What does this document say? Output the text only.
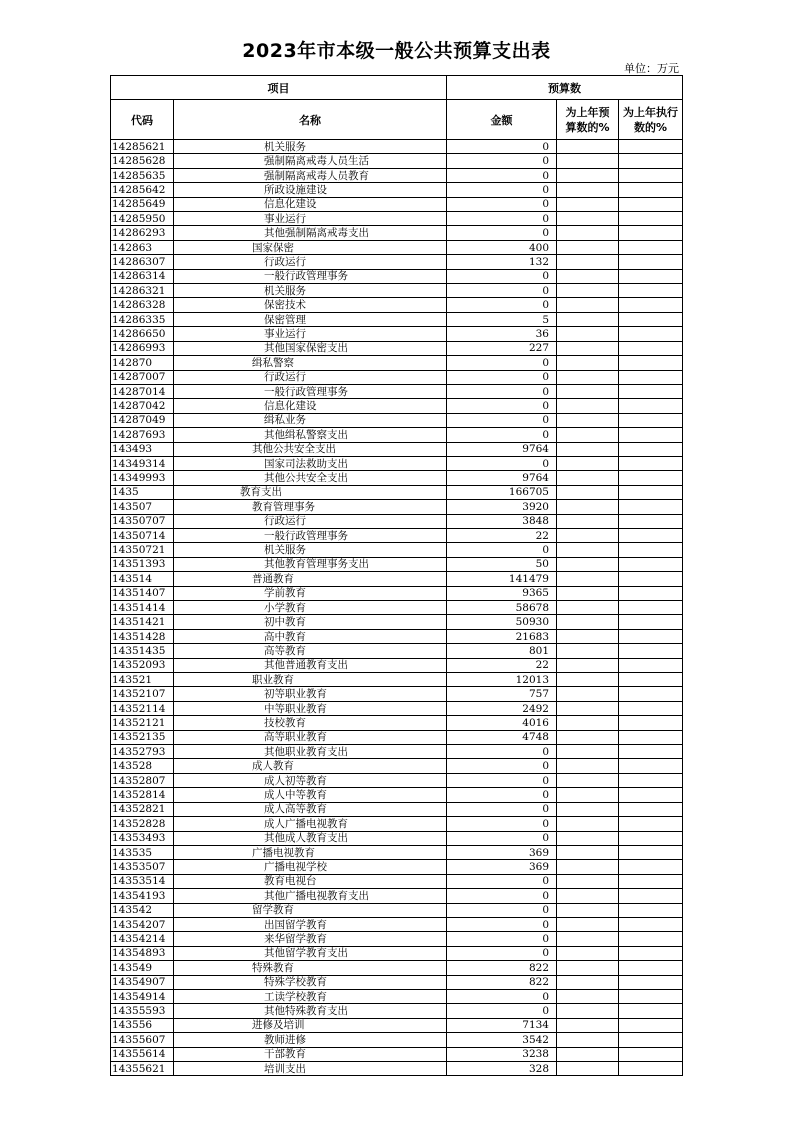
2023年市本级一般公共预算支出表
单位：万元
项目		预算数		
代码	名称	金额	为上年预算数的%	为上年执行数的%
14285621	机关服务	0		
14285628	强制隔离戒毒人员生活	0		
14285635	强制隔离戒毒人员教育	0		
14285642	所政设施建设	0		
14285649	信息化建设	0		
14285950	事业运行	0		
14286293	其他强制隔离戒毒支出	0		
142863	国家保密	400		
14286307	行政运行	132		
14286314	一般行政管理事务	0		
14286321	机关服务	0		
14286328	保密技术	0		
14286335	保密管理	5		
14286650	事业运行	36		
14286993	其他国家保密支出	227		
142870	缉私警察	0		
14287007	行政运行	0		
14287014	一般行政管理事务	0		
14287042	信息化建设	0		
14287049	缉私业务	0		
14287693	其他缉私警察支出	0		
143493	其他公共安全支出	9764		
14349314	国家司法救助支出	0		
14349993	其他公共安全支出	9764		
1435	教育支出	166705		
143507	教育管理事务	3920		
14350707	行政运行	3848		
14350714	一般行政管理事务	22		
14350721	机关服务	0		
14351393	其他教育管理事务支出	50		
143514	普通教育	141479		
14351407	学前教育	9365		
14351414	小学教育	58678		
14351421	初中教育	50930		
14351428	高中教育	21683		
14351435	高等教育	801		
14352093	其他普通教育支出	22		
143521	职业教育	12013		
14352107	初等职业教育	757		
14352114	中等职业教育	2492		
14352121	技校教育	4016		
14352135	高等职业教育	4748		
14352793	其他职业教育支出	0		
143528	成人教育	0		
14352807	成人初等教育	0		
14352814	成人中等教育	0		
14352821	成人高等教育	0		
14352828	成人广播电视教育	0		
14353493	其他成人教育支出	0		
143535	广播电视教育	369		
14353507	广播电视学校	369		
14353514	教育电视台	0		
14354193	其他广播电视教育支出	0		
143542	留学教育	0		
14354207	出国留学教育	0		
14354214	来华留学教育	0		
14354893	其他留学教育支出	0		
143549	特殊教育	822		
14354907	特殊学校教育	822		
14354914	工读学校教育	0		
14355593	其他特殊教育支出	0		
143556	进修及培训	7134		
14355607	教师进修	3542		
14355614	干部教育	3238		
14355621	培训支出	328		
